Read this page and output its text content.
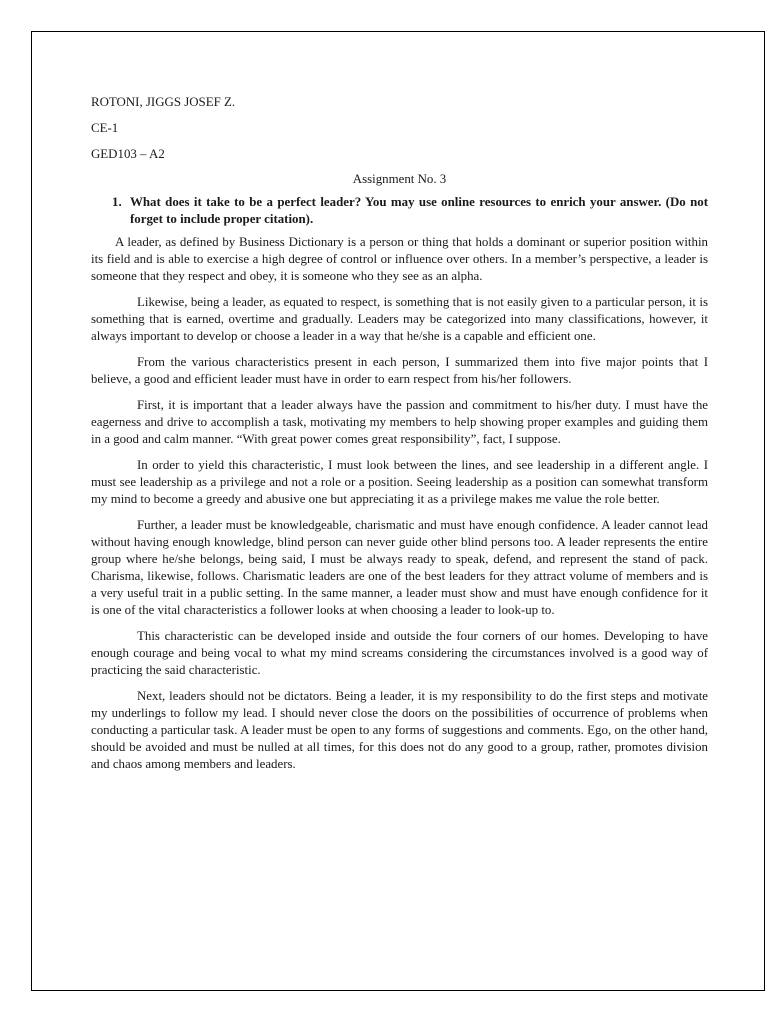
ROTONI, JIGGS JOSEF Z.
CE-1
GED103 – A2
Assignment No. 3
1. What does it take to be a perfect leader? You may use online resources to enrich your answer. (Do not forget to include proper citation).

A leader, as defined by Business Dictionary is a person or thing that holds a dominant or superior position within its field and is able to exercise a high degree of control or influence over others. In a member’s perspective, a leader is someone that they respect and obey, it is someone who they see as an alpha.

Likewise, being a leader, as equated to respect, is something that is not easily given to a particular person, it is something that is earned, overtime and gradually. Leaders may be categorized into many classifications, however, it always important to develop or choose a leader in a way that he/she is a capable and efficient one.

From the various characteristics present in each person, I summarized them into five major points that I believe, a good and efficient leader must have in order to earn respect from his/her followers.

First, it is important that a leader always have the passion and commitment to his/her duty. I must have the eagerness and drive to accomplish a task, motivating my members to help showing proper examples and guiding them in a good and calm manner. “With great power comes great responsibility”, fact, I suppose.

In order to yield this characteristic, I must look between the lines, and see leadership in a different angle. I must see leadership as a privilege and not a role or a position. Seeing leadership as a position can somewhat transform my mind to become a greedy and abusive one but appreciating it as a privilege makes me value the role better.

Further, a leader must be knowledgeable, charismatic and must have enough confidence. A leader cannot lead without having enough knowledge, blind person can never guide other blind persons too. A leader represents the entire group where he/she belongs, being said, I must be always ready to speak, defend, and represent the stand of pack. Charisma, likewise, follows. Charismatic leaders are one of the best leaders for they attract volume of members and is a very useful trait in a public setting. In the same manner, a leader must show and must have enough confidence for it is one of the vital characteristics a follower looks at when choosing a leader to look-up to.

This characteristic can be developed inside and outside the four corners of our homes. Developing to have enough courage and being vocal to what my mind screams considering the circumstances involved is a good way of practicing the said characteristic.

Next, leaders should not be dictators. Being a leader, it is my responsibility to do the first steps and motivate my underlings to follow my lead. I should never close the doors on the possibilities of occurrence of problems when conducting a particular task. A leader must be open to any forms of suggestions and comments. Ego, on the other hand, should be avoided and must be nulled at all times, for this does not do any good to a group, rather, promotes division and chaos among members and leaders.
